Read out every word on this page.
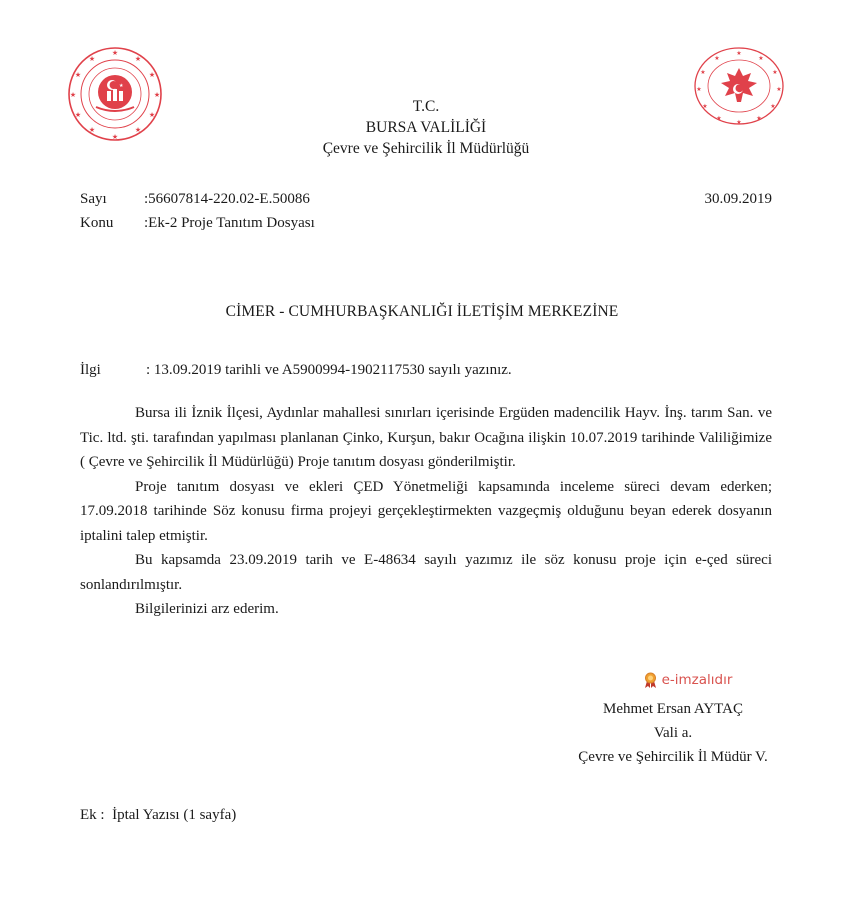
★
★
★
★
★
★
★
★
★
★
★
★
★
★
★
★
★
★
★
★
★
★
★
★
★
T.C.
BURSA VALİLİĞİ
Çevre ve Şehircilik İl Müdürlüğü
Sayı :56607814-220.02-E.50086
Konu :Ek-2 Proje Tanıtım Dosyası
30.09.2019
CİMER - CUMHURBAŞKANLIĞI İLETİŞİM MERKEZİNE
İlgi	: 13.09.2019 tarihli ve A5900994-1902117530 sayılı yazınız.

Bursa ili İznik İlçesi, Aydınlar mahallesi sınırları içerisinde Ergüden madencilik Hayv. İnş. tarım San. ve Tic. ltd. şti. tarafından yapılması planlanan Çinko, Kurşun, bakır Ocağına ilişkin 10.07.2019 tarihinde Valiliğimize ( Çevre ve Şehircilik İl Müdürlüğü) Proje tanıtım dosyası gönderilmiştir.

Proje tanıtım dosyası ve ekleri ÇED Yönetmeliği kapsamında inceleme süreci devam ederken; 17.09.2018 tarihinde Söz konusu firma projeyi gerçekleştirmekten vazgeçmiş olduğunu beyan ederek dosyanın iptalini talep etmiştir.

Bu kapsamda 23.09.2019 tarih ve E-48634 sayılı yazımız ile söz konusu proje için e-çed süreci sonlandırılmıştır.

Bilgilerinizi arz ederim.

e-imzalıdır
Mehmet Ersan AYTAÇ
Vali a.
Çevre ve Şehircilik İl Müdür V.
Ek :  İptal Yazısı (1 sayfa)
